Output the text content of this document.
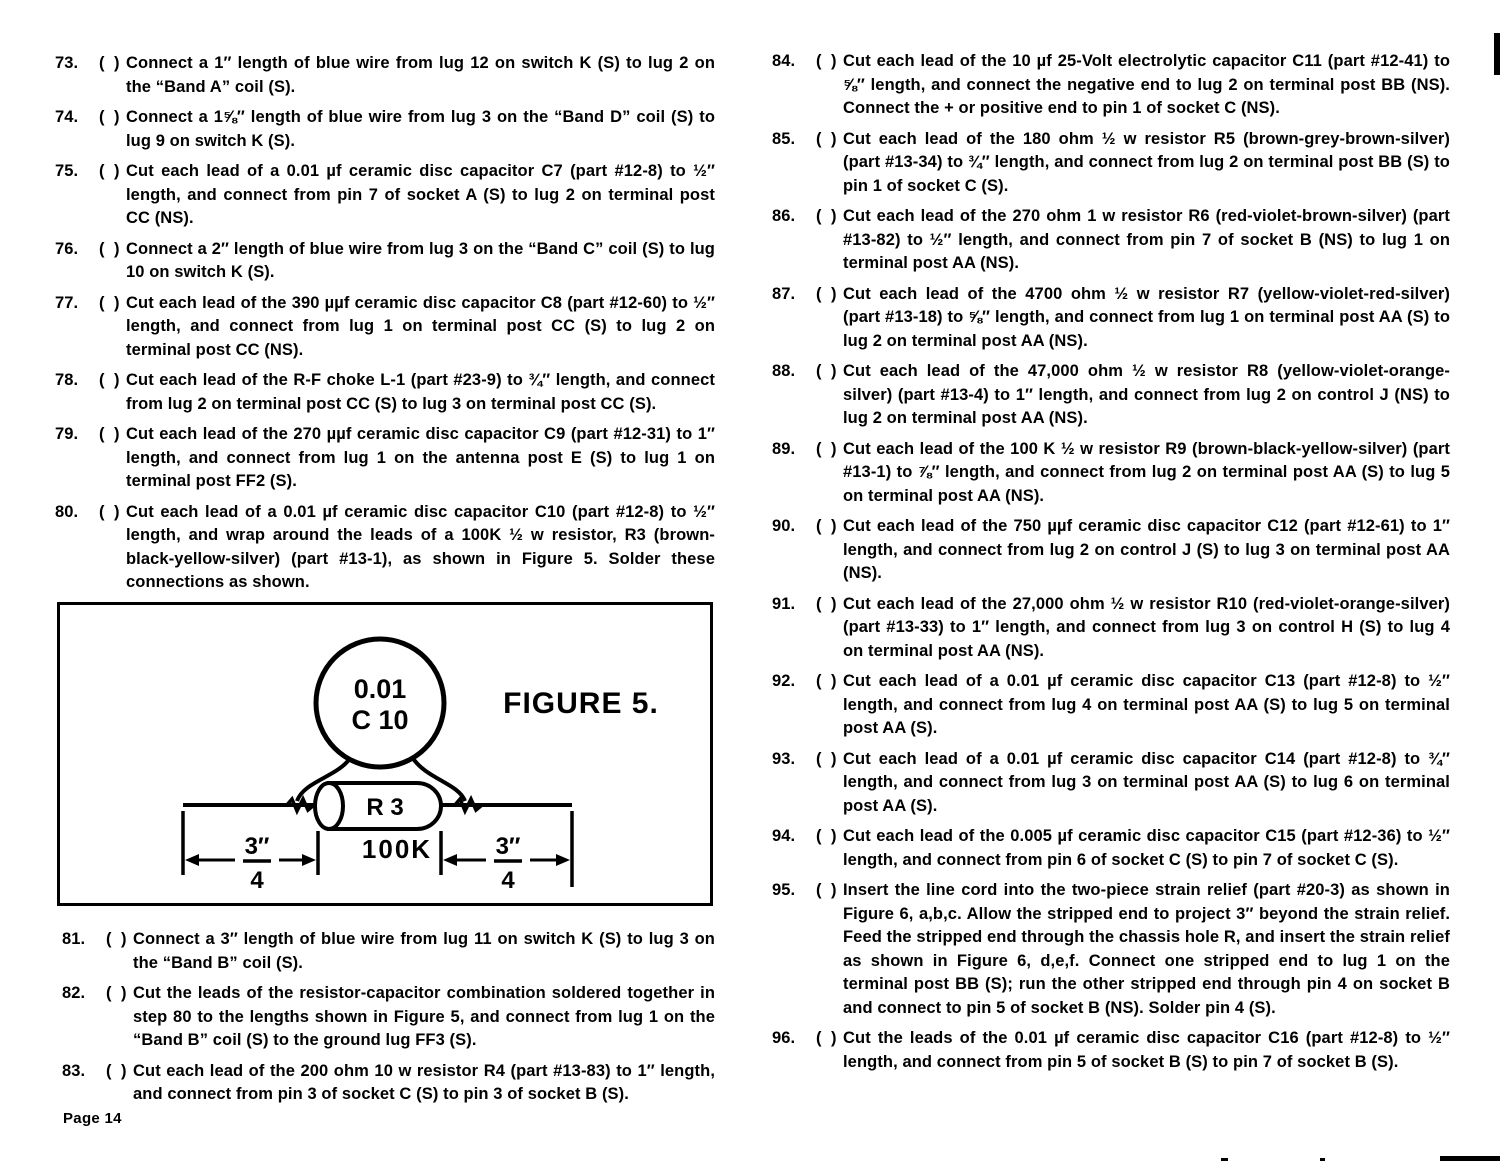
73.	(  ) Connect a 1″ length of blue wire from lug 12 on switch K (S) to lug 2 on the “Band A” coil (S).
74.	(  ) Connect a 1⅝″ length of blue wire from lug 3 on the “Band D” coil (S) to lug 9 on switch K (S).
75.	(  ) Cut each lead of a 0.01 µf ceramic disc capacitor C7 (part #12-8) to ½″ length, and connect from pin 7 of socket A (S) to lug 2 on terminal post CC (NS).
76.	(  ) Connect a 2″ length of blue wire from lug 3 on the “Band C” coil (S) to lug 10 on switch K (S).
77.	(  ) Cut each lead of the 390 µµf ceramic disc capacitor C8 (part #12-60) to ½″ length, and connect from lug 1 on terminal post CC (S) to lug 2 on terminal post CC (NS).
78.	(  ) Cut each lead of the R-F choke L-1 (part #23-9) to ¾″ length, and connect from lug 2 on terminal post CC (S) to lug 3 on terminal post CC (S).
79.	(  ) Cut each lead of the 270 µµf ceramic disc capacitor C9 (part #12-31) to 1″ length, and connect from lug 1 on the antenna post E (S) to lug 1 on terminal post FF2 (S).
80.	(  ) Cut each lead of a 0.01 µf ceramic disc capacitor C10 (part #12-8) to ½″ length, and wrap around the leads of a 100K ½ w resistor, R3 (brown-black-yellow-silver) (part #13-1), as shown in Figure 5. Solder these connections as shown.
0.01
C 10	FIGURE 5.
R 3
100K
3″
4
3″
4
81.	(  ) Connect a 3″ length of blue wire from lug 11 on switch K (S) to lug 3 on the “Band B” coil (S).
82.	(  ) Cut the leads of the resistor-capacitor combination soldered together in step 80 to the lengths shown in Figure 5, and connect from lug 1 on the “Band B” coil (S) to the ground lug FF3 (S).
83.	(  ) Cut each lead of the 200 ohm 10 w resistor R4 (part #13-83) to 1″ length, and connect from pin 3 of socket C (S) to pin 3 of socket B (S).
84.	(  ) Cut each lead of the 10 µf 25-Volt electrolytic capacitor C11 (part #12-41) to ⅝″ length, and connect the negative end to lug 2 on terminal post BB (NS). Connect the + or positive end to pin 1 of socket C (NS).
85.	(  ) Cut each lead of the 180 ohm ½ w resistor R5 (brown-grey-brown-silver) (part #13-34) to ¾″ length, and connect from lug 2 on terminal post BB (S) to pin 1 of socket C (S).
86.	(  ) Cut each lead of the 270 ohm 1 w resistor R6 (red-violet-brown-silver) (part #13-82) to ½″ length, and connect from pin 7 of socket B (NS) to lug 1 on terminal post AA (NS).
87.	(  ) Cut each lead of the 4700 ohm ½ w resistor R7 (yellow-violet-red-silver) (part #13-18) to ⅝″ length, and connect from lug 1 on terminal post AA (S) to lug 2 on terminal post AA (NS).
88.	(  ) Cut each lead of the 47,000 ohm ½ w resistor R8 (yellow-violet-orange-silver) (part #13-4) to 1″ length, and connect from lug 2 on control J (NS) to lug 2 on terminal post AA (NS).
89.	(  ) Cut each lead of the 100 K ½ w resistor R9 (brown-black-yellow-silver) (part #13-1) to ⅞″ length, and connect from lug 2 on terminal post AA (S) to lug 5 on terminal post AA (NS).
90.	(  ) Cut each lead of the 750 µµf ceramic disc capacitor C12 (part #12-61) to 1″ length, and connect from lug 2 on control J (S) to lug 3 on terminal post AA (NS).
91.	(  ) Cut each lead of the 27,000 ohm ½ w resistor R10 (red-violet-orange-silver) (part #13-33) to 1″ length, and connect from lug 3 on control H (S) to lug 4 on terminal post AA (NS).
92.	(  ) Cut each lead of a 0.01 µf ceramic disc capacitor C13 (part #12-8) to ½″ length, and connect from lug 4 on terminal post AA (S) to lug 5 on terminal post AA (S).
93.	(  ) Cut each lead of a 0.01 µf ceramic disc capacitor C14 (part #12-8) to ¾″ length, and connect from lug 3 on terminal post AA (S) to lug 6 on terminal post AA (S).
94.	(  ) Cut each lead of the 0.005 µf ceramic disc capacitor C15 (part #12-36) to ½″ length, and connect from pin 6 of socket C (S) to pin 7 of socket C (S).
95.	(  ) Insert the line cord into the two-piece strain relief (part #20-3) as shown in Figure 6, a,b,c. Allow the stripped end to project 3″ beyond the strain relief. Feed the stripped end through the chassis hole R, and insert the strain relief as shown in Figure 6, d,e,f. Connect one stripped end to lug 1 on the terminal post BB (S); run the other stripped end through pin 4 on socket B and connect to pin 5 of socket B (NS). Solder pin 4 (S).
96.	(  ) Cut the leads of the 0.01 µf ceramic disc capacitor C16 (part #12-8) to ½″ length, and connect from pin 5 of socket B (S) to pin 7 of socket B (S).
Page 14
